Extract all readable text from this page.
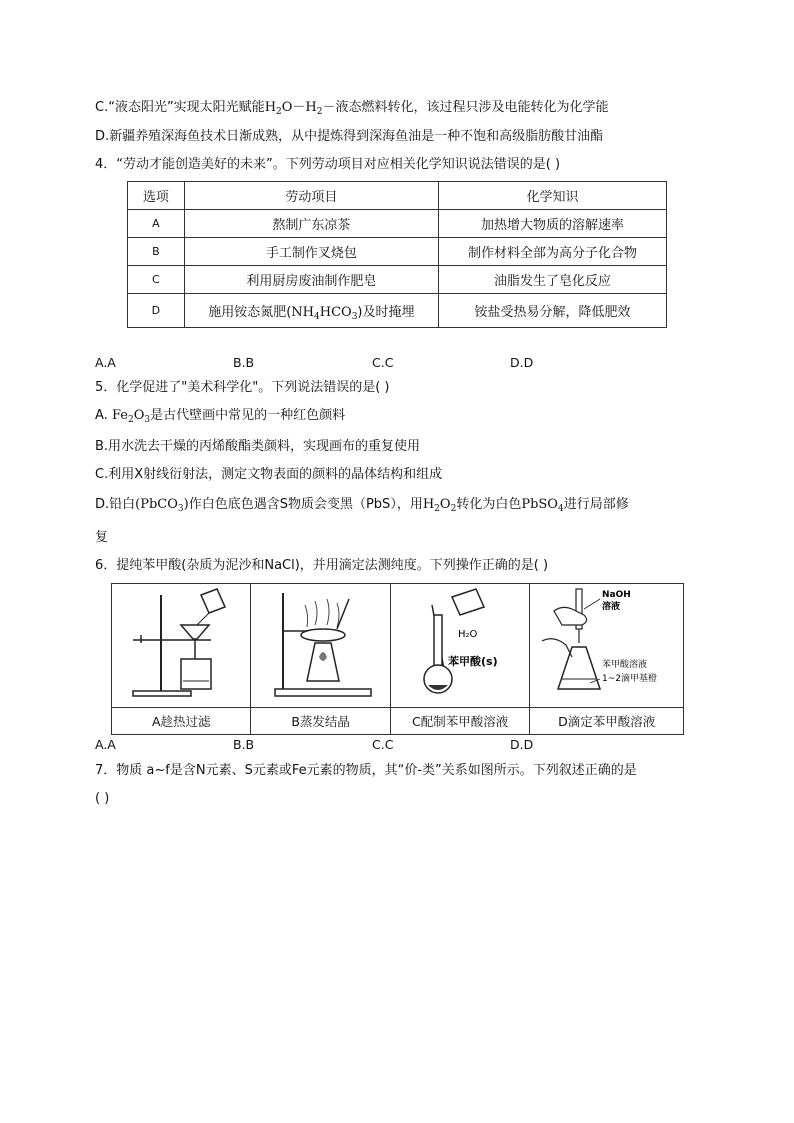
C.“液态阳光”实现太阳光赋能$H_2O-H_2-$液态燃料转化，该过程只涉及电能转化为化学能
D.新疆养殖深海鱼技术日渐成熟，从中提炼得到深海鱼油是一种不饱和高级脂肪酸甘油酯
4．“劳动才能创造美好的未来”。下列劳动项目对应相关化学知识说法错误的是( )
选项	劳动项目	化学知识
A	熬制广东凉茶	加热增大物质的溶解速率
B	手工制作叉烧包	制作材料全部为高分子化合物
C	利用厨房废油制作肥皂	油脂发生了皂化反应
D	施用铵态氮肥$(NH_4HCO_3)$及时掩埋	铵盐受热易分解，降低肥效
A.A	B.B	C.C	D.D
5．化学促进了"美术科学化"。下列说法错误的是( )
A. $Fe_2O_3$是古代壁画中常见的一种红色颜料
B.用水洗去干燥的丙烯酸酯类颜料，实现画布的重复使用
C.利用X射线衍射法，测定文物表面的颜料的晶体结构和组成
D.铅白(PbCO$_3$)作白色底色遇含S物质会变黑（PbS），用$H_2O_2$转化为白色PbSO$_4$进行局部修
复
6．提纯苯甲酸(杂质为泥沙和NaCl)，并用滴定法测纯度。下列操作正确的是( )

H₂O
苯甲酸(s)	NaOH
溶液
苯甲酸溶液
1~2滴甲基橙

A趁热过滤	B蒸发结晶	C配制苯甲酸溶液	D滴定苯甲酸溶液
A.A	B.B	C.C	D.D
7．物质 a~f是含N元素、S元素或Fe元素的物质，其“价-类”关系如图所示。下列叙述正确的是
( )
